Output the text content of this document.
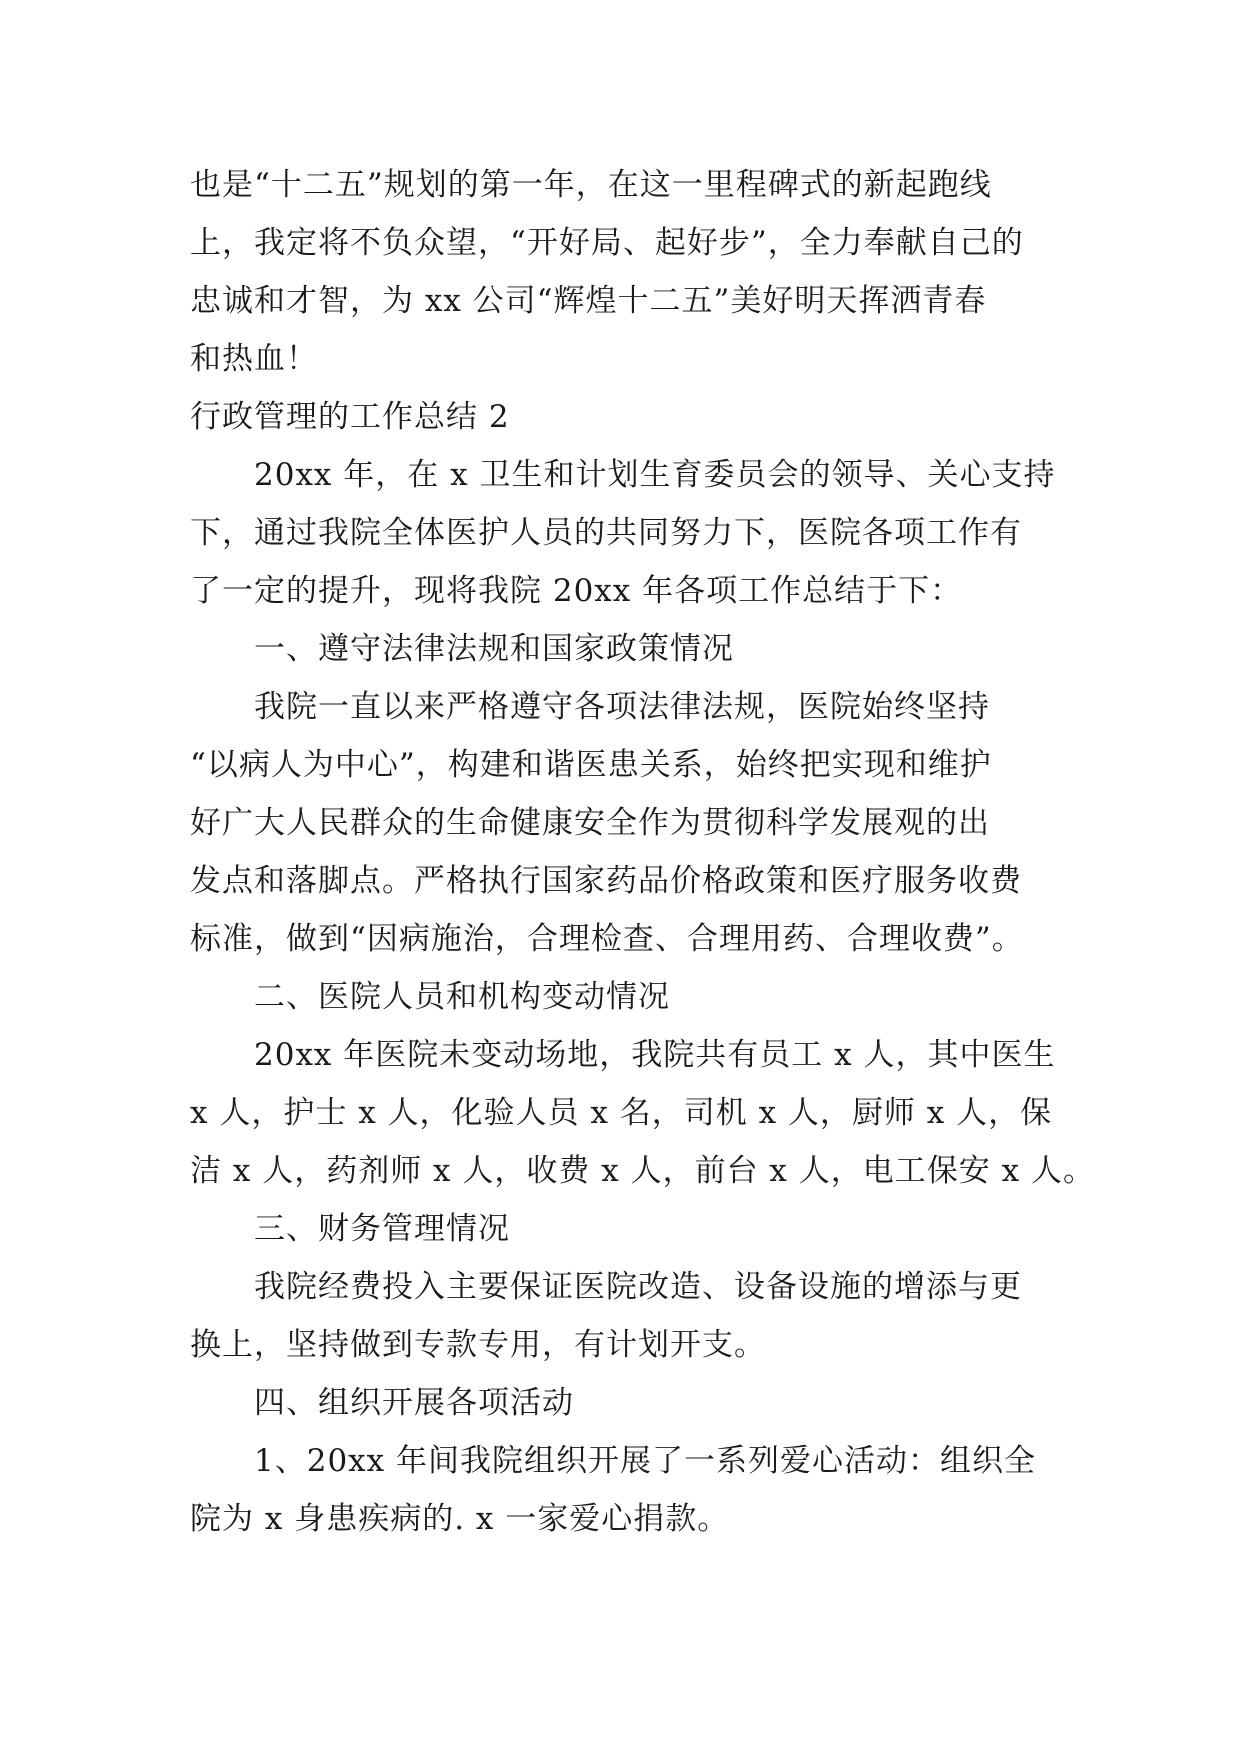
也是“十二五”规划的第一年，在这一里程碑式的新起跑线
上，我定将不负众望，“开好局、起好步”，全力奉献自己的
忠诚和才智，为 xx 公司“辉煌十二五”美好明天挥洒青春
和热血！
行政管理的工作总结 2
20xx 年，在 x 卫生和计划生育委员会的领导、关心支持
下，通过我院全体医护人员的共同努力下，医院各项工作有
了一定的提升，现将我院 20xx 年各项工作总结于下：
一、遵守法律法规和国家政策情况
我院一直以来严格遵守各项法律法规，医院始终坚持
“以病人为中心”，构建和谐医患关系，始终把实现和维护
好广大人民群众的生命健康安全作为贯彻科学发展观的出
发点和落脚点。严格执行国家药品价格政策和医疗服务收费
标准，做到“因病施治，合理检查、合理用药、合理收费”。
二、医院人员和机构变动情况
20xx 年医院未变动场地，我院共有员工 x 人，其中医生
x 人，护士 x 人，化验人员 x 名，司机 x 人，厨师 x 人，保
洁 x 人，药剂师 x 人，收费 x 人，前台 x 人，电工保安 x 人。
三、财务管理情况
我院经费投入主要保证医院改造、设备设施的增添与更
换上，坚持做到专款专用，有计划开支。
四、组织开展各项活动
1、20xx 年间我院组织开展了一系列爱心活动：组织全
院为 x 身患疾病的. x 一家爱心捐款。
